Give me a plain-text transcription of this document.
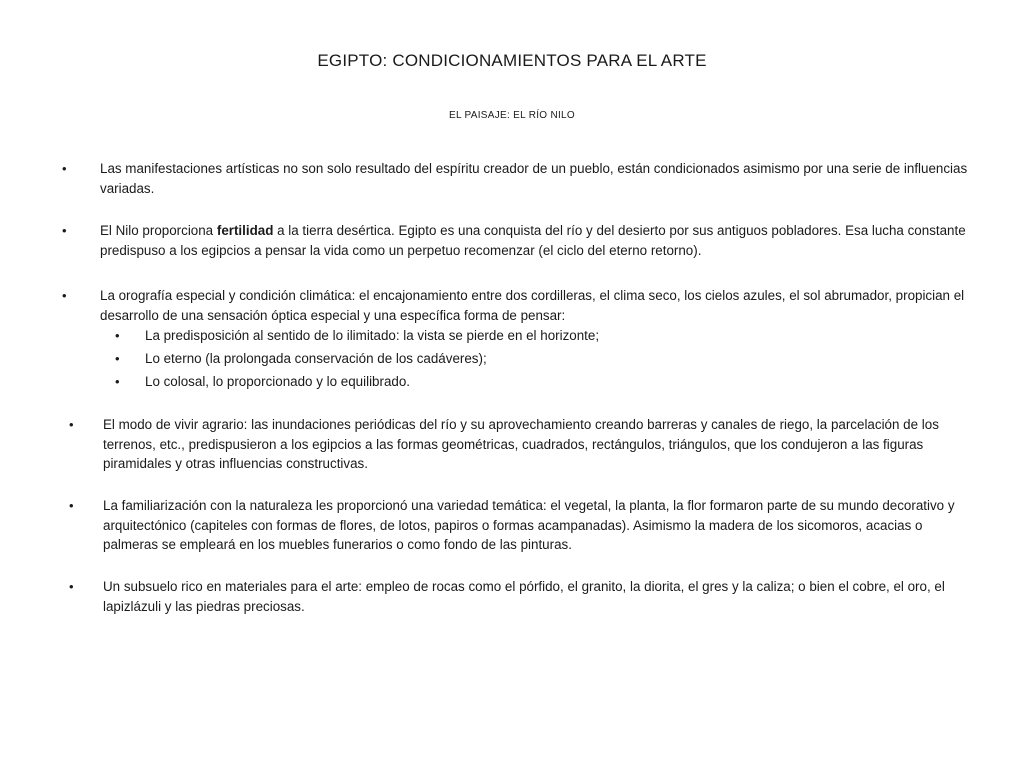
EGIPTO: CONDICIONAMIENTOS PARA EL ARTE
EL PAISAJE: EL RÍO NILO
• Las manifestaciones artísticas no son solo resultado del espíritu creador de un pueblo, están condicionados asimismo por una serie de influencias variadas.
• El Nilo proporciona fertilidad a la tierra desértica. Egipto es una conquista del río y del desierto por sus antiguos pobladores. Esa lucha constante predispuso a los egipcios a pensar la vida como un perpetuo recomenzar (el ciclo del eterno retorno).
• La orografía especial y condición climática: el encajonamiento entre dos cordilleras, el clima seco, los cielos azules, el sol abrumador, propician el desarrollo de una sensación óptica especial y una específica forma de pensar:
• La predisposición al sentido de lo ilimitado: la vista se pierde en el horizonte;
• Lo eterno (la prolongada conservación de los cadáveres);
• Lo colosal, lo proporcionado y lo equilibrado.
• El modo de vivir agrario: las inundaciones periódicas del río y su aprovechamiento creando barreras y canales de riego, la parcelación de los terrenos, etc., predispusieron a los egipcios a las formas geométricas, cuadrados, rectángulos, triángulos, que los condujeron a las figuras piramidales y otras influencias constructivas.
• La familiarización con la naturaleza les proporcionó una variedad temática: el vegetal, la planta, la flor formaron parte de su mundo decorativo y arquitectónico (capiteles con formas de flores, de lotos, papiros o formas acampanadas). Asimismo la madera de los sicomoros, acacias o palmeras se empleará en los muebles funerarios o como fondo de las pinturas.
• Un subsuelo rico en materiales para el arte: empleo de rocas como el pórfido, el granito, la diorita, el gres y la caliza; o bien el cobre, el oro, el lapizlázuli y las piedras preciosas.
